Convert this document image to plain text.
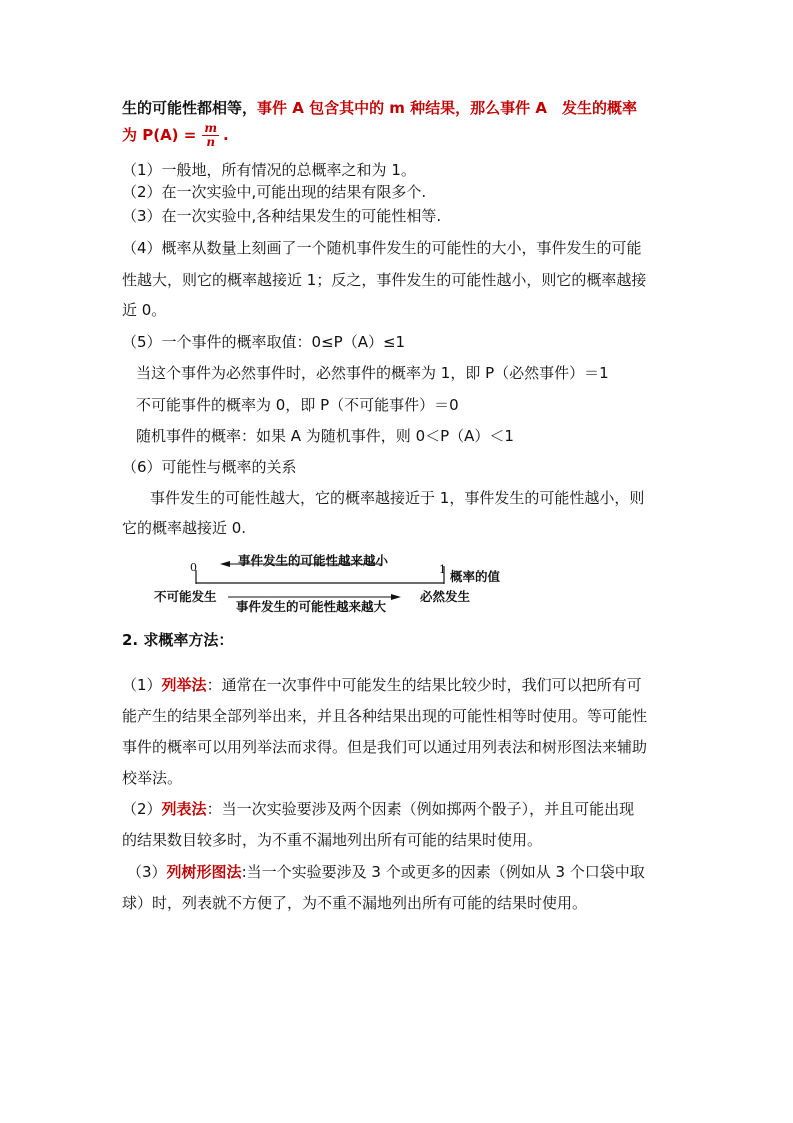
生的可能性都相等，事件 A 包含其中的 m 种结果，那么事件 A　发生的概率
为 $P(A) = \frac{m}{n}$ .
（1）一般地，所有情况的总概率之和为 1。
（2）在一次实验中,可能出现的结果有限多个.
（3）在一次实验中,各种结果发生的可能性相等.
（4）概率从数量上刻画了一个随机事件发生的可能性的大小，事件发生的可能
性越大，则它的概率越接近 1；反之，事件发生的可能性越小，则它的概率越接
近 0。
（5）一个事件的概率取值：0≤P（A）≤1
当这个事件为必然事件时，必然事件的概率为 1，即 P（必然事件）＝1
不可能事件的概率为 0，即 P（不可能事件）＝0
随机事件的概率：如果 A 为随机事件，则 0＜P（A）＜1
（6）可能性与概率的关系
事件发生的可能性越大，它的概率越接近于 1，事件发生的可能性越小，则
它的概率越接近 0.
0	1
事件发生的可能性越来越小
事件发生的可能性越来越大
不可能发生	必然发生
概率的值
2. 求概率方法：
（1）列举法：通常在一次事件中可能发生的结果比较少时，我们可以把所有可
能产生的结果全部列举出来，并且各种结果出现的可能性相等时使用。等可能性
事件的概率可以用列举法而求得。但是我们可以通过用列表法和树形图法来辅助
校举法。
（2）列表法：当一次实验要涉及两个因素（例如掷两个骰子），并且可能出现
的结果数目较多时，为不重不漏地列出所有可能的结果时使用。
（3）列树形图法:当一个实验要涉及 3 个或更多的因素（例如从 3 个口袋中取
球）时，列表就不方便了，为不重不漏地列出所有可能的结果时使用。
